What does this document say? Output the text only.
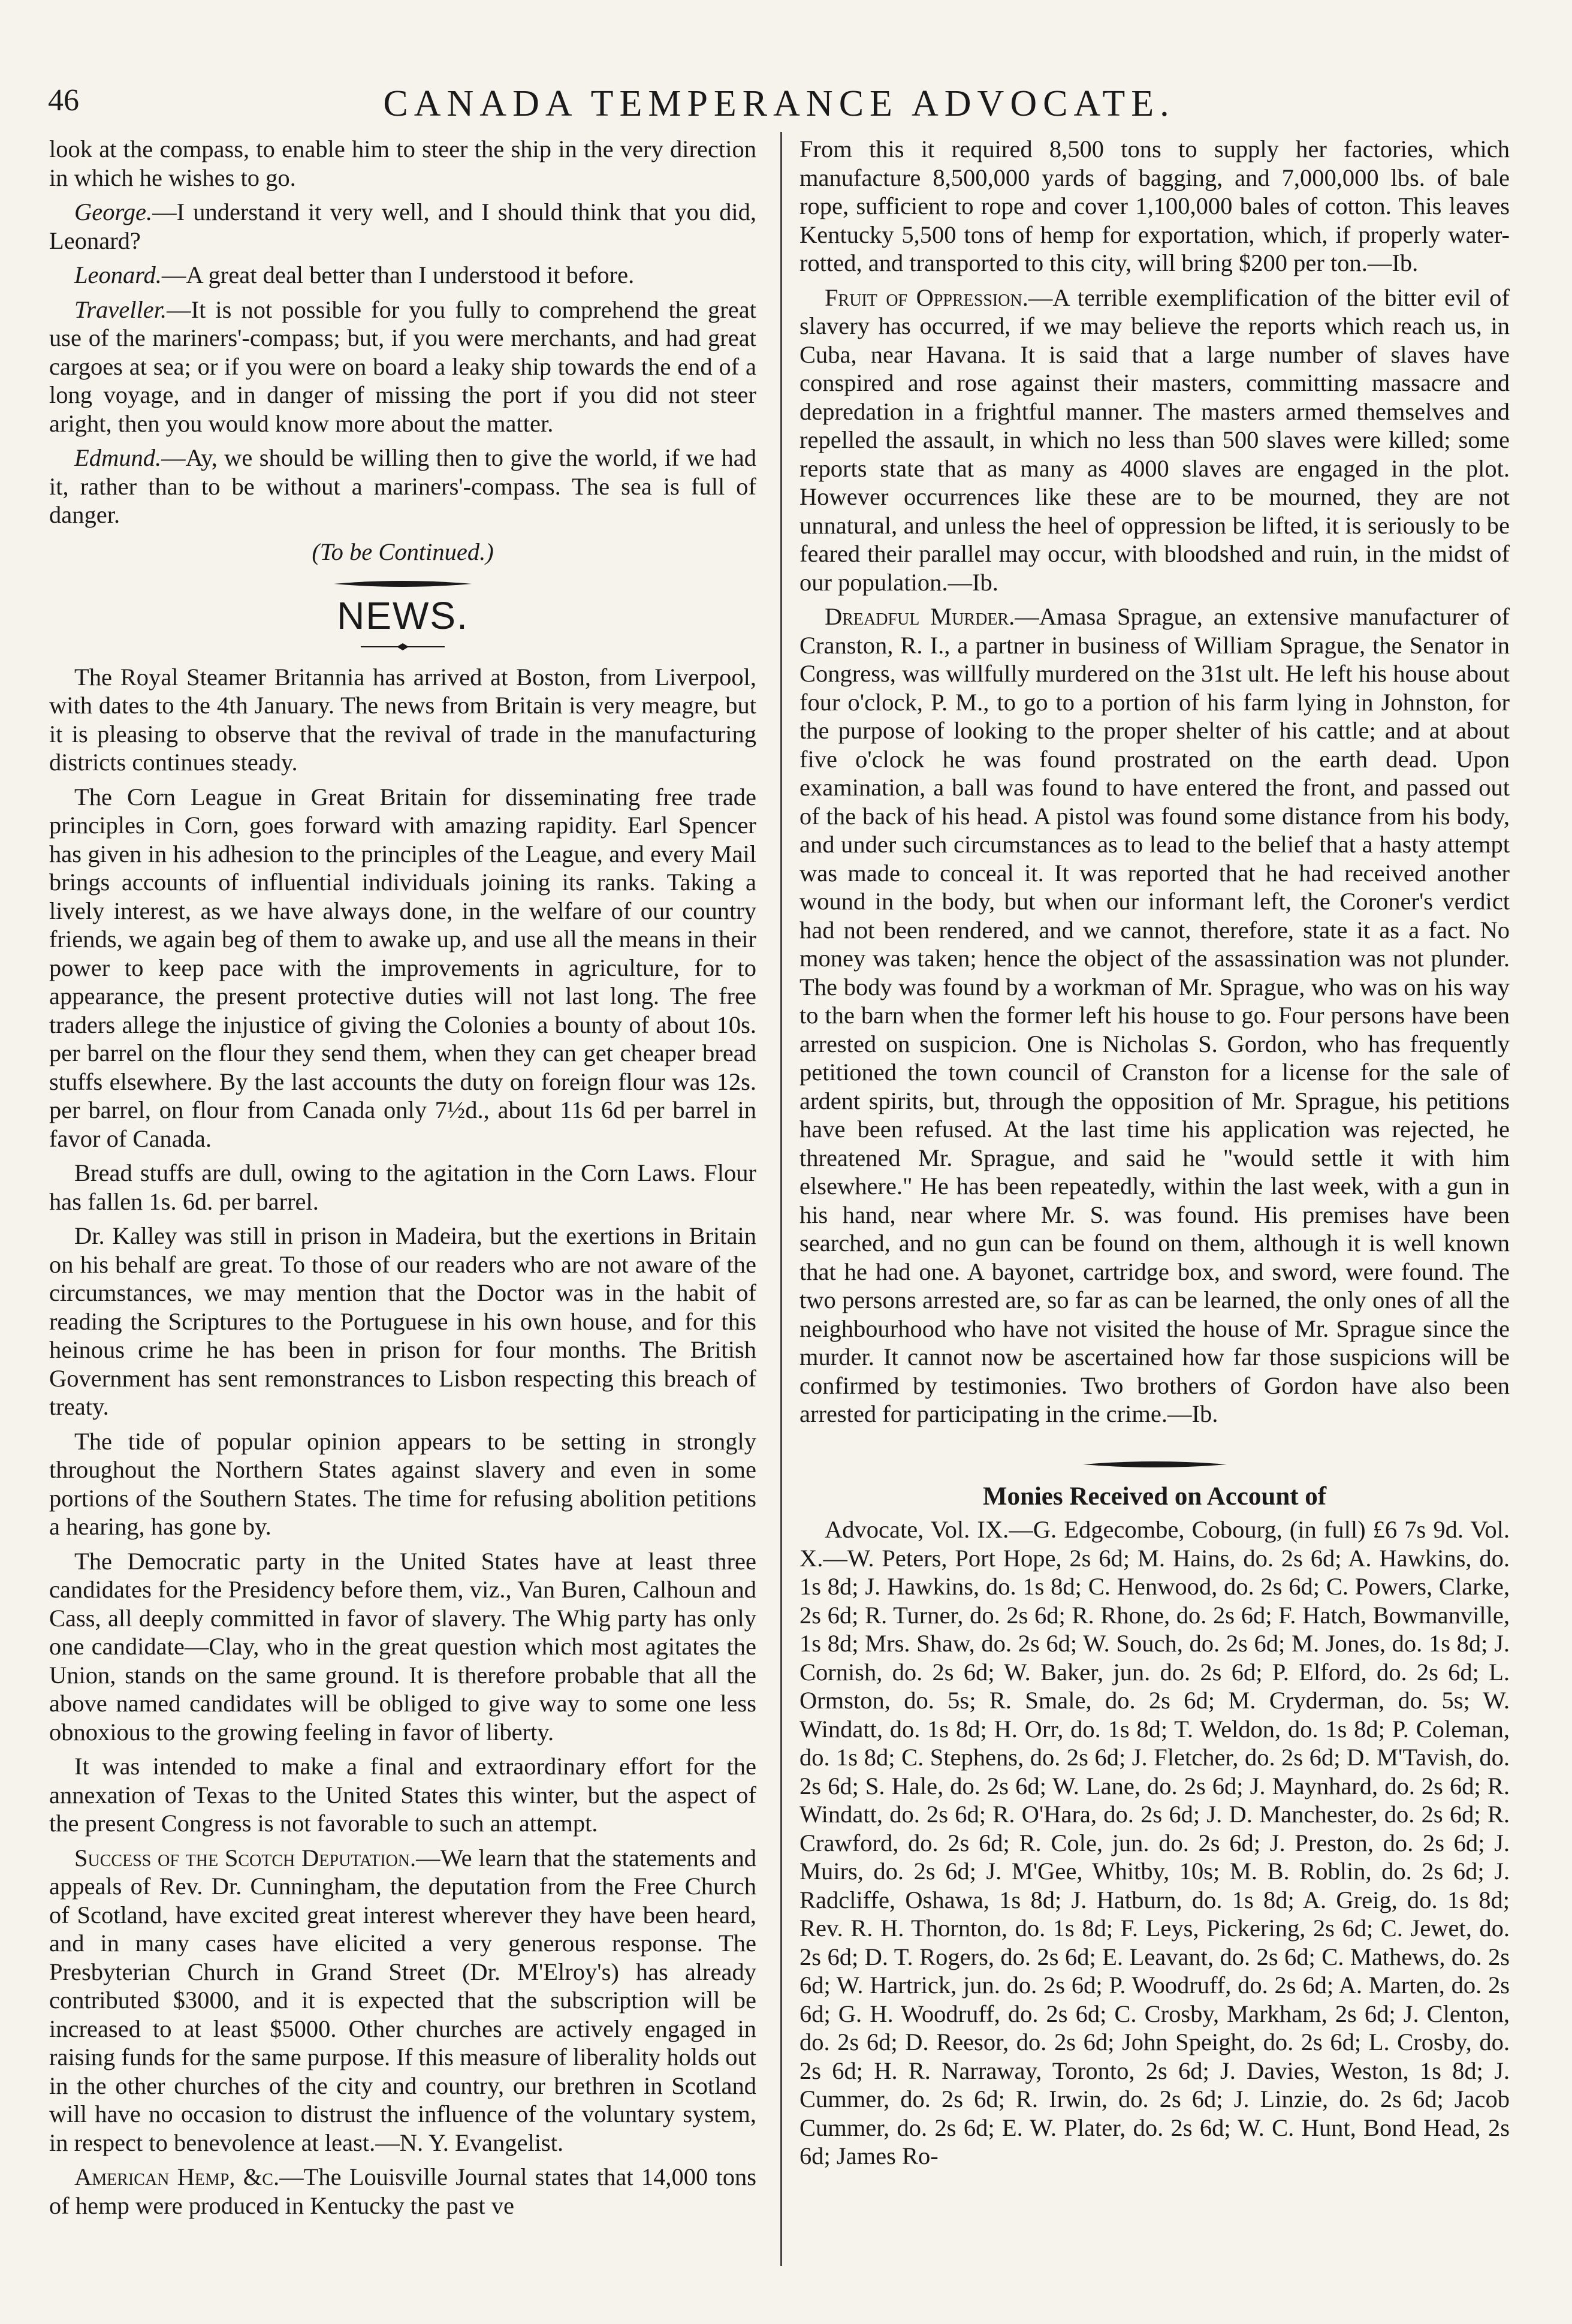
46	CANADA TEMPERANCE ADVOCATE.

look at the compass, to enable him to steer the ship in the very direction in which he wishes to go.

George.—I understand it very well, and I should think that you did, Leonard?

Leonard.—A great deal better than I understood it before.

Traveller.—It is not possible for you fully to comprehend the great use of the mariners'-compass; but, if you were merchants, and had great cargoes at sea; or if you were on board a leaky ship towards the end of a long voyage, and in danger of missing the port if you did not steer aright, then you would know more about the matter.

Edmund.—Ay, we should be willing then to give the world, if we had it, rather than to be without a mariners'-compass. The sea is full of danger.

(To be Continued.)

NEWS.

The Royal Steamer Britannia has arrived at Boston, from Liverpool, with dates to the 4th January. The news from Britain is very meagre, but it is pleasing to observe that the revival of trade in the manufacturing districts continues steady.

The Corn League in Great Britain for disseminating free trade principles in Corn, goes forward with amazing rapidity. Earl Spencer has given in his adhesion to the principles of the League, and every Mail brings accounts of influential individuals joining its ranks. Taking a lively interest, as we have always done, in the welfare of our country friends, we again beg of them to awake up, and use all the means in their power to keep pace with the improvements in agriculture, for to appearance, the present protective duties will not last long. The free traders allege the injustice of giving the Colonies a bounty of about 10s. per barrel on the flour they send them, when they can get cheaper bread stuffs elsewhere. By the last accounts the duty on foreign flour was 12s. per barrel, on flour from Canada only 7½d., about 11s 6d per barrel in favor of Canada.

Bread stuffs are dull, owing to the agitation in the Corn Laws. Flour has fallen 1s. 6d. per barrel.

Dr. Kalley was still in prison in Madeira, but the exertions in Britain on his behalf are great. To those of our readers who are not aware of the circumstances, we may mention that the Doctor was in the habit of reading the Scriptures to the Portuguese in his own house, and for this heinous crime he has been in prison for four months. The British Government has sent remonstrances to Lisbon respecting this breach of treaty.

The tide of popular opinion appears to be setting in strongly throughout the Northern States against slavery and even in some portions of the Southern States. The time for refusing abolition petitions a hearing, has gone by.

The Democratic party in the United States have at least three candidates for the Presidency before them, viz., Van Buren, Calhoun and Cass, all deeply committed in favor of slavery. The Whig party has only one candidate—Clay, who in the great question which most agitates the Union, stands on the same ground. It is therefore probable that all the above named candidates will be obliged to give way to some one less obnoxious to the growing feeling in favor of liberty.

It was intended to make a final and extraordinary effort for the annexation of Texas to the United States this winter, but the aspect of the present Congress is not favorable to such an attempt.

Success of the Scotch Deputation.—We learn that the statements and appeals of Rev. Dr. Cunningham, the deputation from the Free Church of Scotland, have excited great interest wherever they have been heard, and in many cases have elicited a very generous response. The Presbyterian Church in Grand Street (Dr. M'Elroy's) has already contributed $3000, and it is expected that the subscription will be increased to at least $5000. Other churches are actively engaged in raising funds for the same purpose. If this measure of liberality holds out in the other churches of the city and country, our brethren in Scotland will have no occasion to distrust the influence of the voluntary system, in respect to benevolence at least.—N. Y. Evangelist.

American Hemp, &c.—The Louisville Journal states that 14,000 tons of hemp were produced in Kentucky the past ve

From this it required 8,500 tons to supply her factories, which manufacture 8,500,000 yards of bagging, and 7,000,000 lbs. of bale rope, sufficient to rope and cover 1,100,000 bales of cotton. This leaves Kentucky 5,500 tons of hemp for exportation, which, if properly water-rotted, and transported to this city, will bring $200 per ton.—Ib.

Fruit of Oppression.—A terrible exemplification of the bitter evil of slavery has occurred, if we may believe the reports which reach us, in Cuba, near Havana. It is said that a large number of slaves have conspired and rose against their masters, committing massacre and depredation in a frightful manner. The masters armed themselves and repelled the assault, in which no less than 500 slaves were killed; some reports state that as many as 4000 slaves are engaged in the plot. However occurrences like these are to be mourned, they are not unnatural, and unless the heel of oppression be lifted, it is seriously to be feared their parallel may occur, with bloodshed and ruin, in the midst of our population.—Ib.

Dreadful Murder.—Amasa Sprague, an extensive manufacturer of Cranston, R. I., a partner in business of William Sprague, the Senator in Congress, was willfully murdered on the 31st ult. He left his house about four o'clock, P. M., to go to a portion of his farm lying in Johnston, for the purpose of looking to the proper shelter of his cattle; and at about five o'clock he was found prostrated on the earth dead. Upon examination, a ball was found to have entered the front, and passed out of the back of his head. A pistol was found some distance from his body, and under such circumstances as to lead to the belief that a hasty attempt was made to conceal it. It was reported that he had received another wound in the body, but when our informant left, the Coroner's verdict had not been rendered, and we cannot, therefore, state it as a fact. No money was taken; hence the object of the assassination was not plunder. The body was found by a workman of Mr. Sprague, who was on his way to the barn when the former left his house to go. Four persons have been arrested on suspicion. One is Nicholas S. Gordon, who has frequently petitioned the town council of Cranston for a license for the sale of ardent spirits, but, through the opposition of Mr. Sprague, his petitions have been refused. At the last time his application was rejected, he threatened Mr. Sprague, and said he "would settle it with him elsewhere." He has been repeatedly, within the last week, with a gun in his hand, near where Mr. S. was found. His premises have been searched, and no gun can be found on them, although it is well known that he had one. A bayonet, cartridge box, and sword, were found. The two persons arrested are, so far as can be learned, the only ones of all the neighbourhood who have not visited the house of Mr. Sprague since the murder. It cannot now be ascertained how far those suspicions will be confirmed by testimonies. Two brothers of Gordon have also been arrested for participating in the crime.—Ib.

Monies Received on Account of

Advocate, Vol. IX.—G. Edgecombe, Cobourg, (in full) £6 7s 9d. Vol. X.—W. Peters, Port Hope, 2s 6d; M. Hains, do. 2s 6d; A. Hawkins, do. 1s 8d; J. Hawkins, do. 1s 8d; C. Henwood, do. 2s 6d; C. Powers, Clarke, 2s 6d; R. Turner, do. 2s 6d; R. Rhone, do. 2s 6d; F. Hatch, Bowmanville, 1s 8d; Mrs. Shaw, do. 2s 6d; W. Souch, do. 2s 6d; M. Jones, do. 1s 8d; J. Cornish, do. 2s 6d; W. Baker, jun. do. 2s 6d; P. Elford, do. 2s 6d; L. Ormston, do. 5s; R. Smale, do. 2s 6d; M. Cryderman, do. 5s; W. Windatt, do. 1s 8d; H. Orr, do. 1s 8d; T. Weldon, do. 1s 8d; P. Coleman, do. 1s 8d; C. Stephens, do. 2s 6d; J. Fletcher, do. 2s 6d; D. M'Tavish, do. 2s 6d; S. Hale, do. 2s 6d; W. Lane, do. 2s 6d; J. Maynhard, do. 2s 6d; R. Windatt, do. 2s 6d; R. O'Hara, do. 2s 6d; J. D. Manchester, do. 2s 6d; R. Crawford, do. 2s 6d; R. Cole, jun. do. 2s 6d; J. Preston, do. 2s 6d; J. Muirs, do. 2s 6d; J. M'Gee, Whitby, 10s; M. B. Roblin, do. 2s 6d; J. Radcliffe, Oshawa, 1s 8d; J. Hatburn, do. 1s 8d; A. Greig, do. 1s 8d; Rev. R. H. Thornton, do. 1s 8d; F. Leys, Pickering, 2s 6d; C. Jewet, do. 2s 6d; D. T. Rogers, do. 2s 6d; E. Leavant, do. 2s 6d; C. Mathews, do. 2s 6d; W. Hartrick, jun. do. 2s 6d; P. Woodruff, do. 2s 6d; A. Marten, do. 2s 6d; G. H. Woodruff, do. 2s 6d; C. Crosby, Markham, 2s 6d; J. Clenton, do. 2s 6d; D. Reesor, do. 2s 6d; John Speight, do. 2s 6d; L. Crosby, do. 2s 6d; H. R. Narraway, Toronto, 2s 6d; J. Davies, Weston, 1s 8d; J. Cummer, do. 2s 6d; R. Irwin, do. 2s 6d; J. Linzie, do. 2s 6d; Jacob Cummer, do. 2s 6d; E. W. Plater, do. 2s 6d; W. C. Hunt, Bond Head, 2s 6d; James Ro-
